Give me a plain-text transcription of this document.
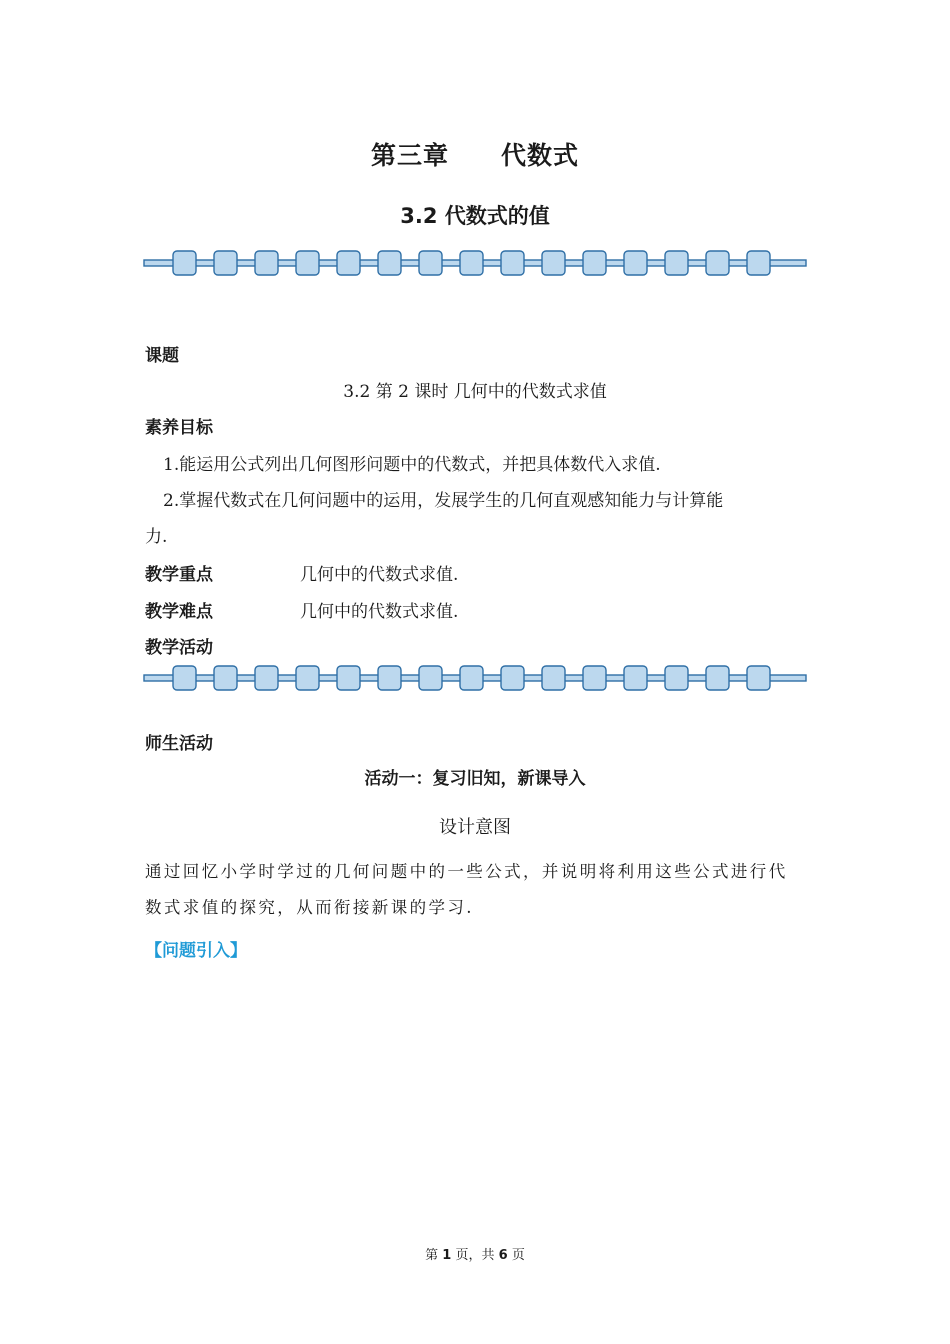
第三章 代数式
3.2 代数式的值
课题
3.2 第 2 课时 几何中的代数式求值
素养目标
1.能运用公式列出几何图形问题中的代数式，并把具体数代入求值.
2.掌握代数式在几何问题中的运用，发展学生的几何直观感知能力与计算能
力.
教学重点	几何中的代数式求值.
教学难点	几何中的代数式求值.
教学活动
师生活动
活动一：复习旧知，新课导入
设计意图
通过回忆小学时学过的几何问题中的一些公式，并说明将利用这些公式进行代
数式求值的探究，从而衔接新课的学习.
【问题引入】
第 1 页，共 6 页
